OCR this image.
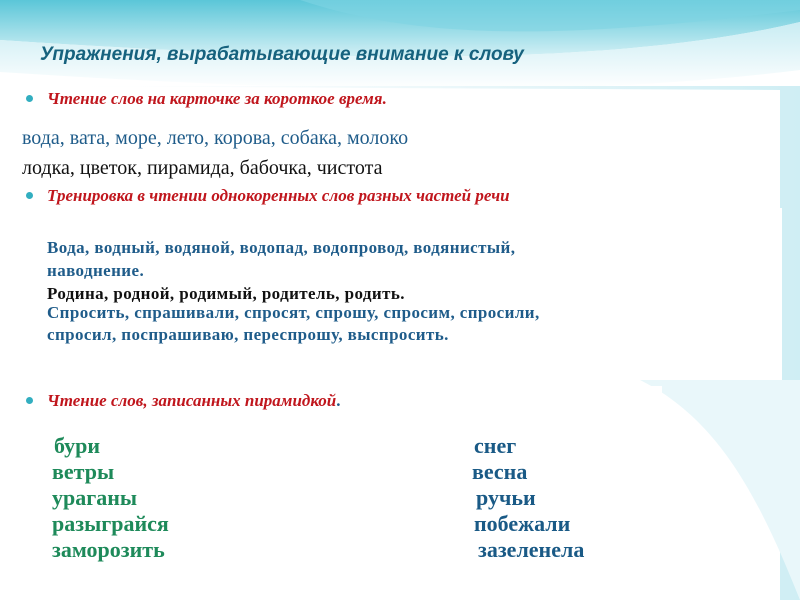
Упражнения, вырабатывающие внимание к слову
Чтение слов на карточке за короткое время.
вода, вата, море, лето, корова, собака, молоко
лодка, цветок, пирамида, бабочка, чистота
Тренировка в чтении однокоренных слов разных частей речи
Вода, водный, водяной, водопад, водопровод, водянистый,
наводнение.
Родина, родной, родимый, родитель, родить.
Спросить, спрашивали, спросят, спрошу, спросим, спросили,
спросил, поспрашиваю, переспрошу, выспросить.
Чтение слов, записанных пирамидкой.
бури
ветры
ураганы
разыграйся
заморозить
снег
весна
ручьи
побежали
зазеленела
